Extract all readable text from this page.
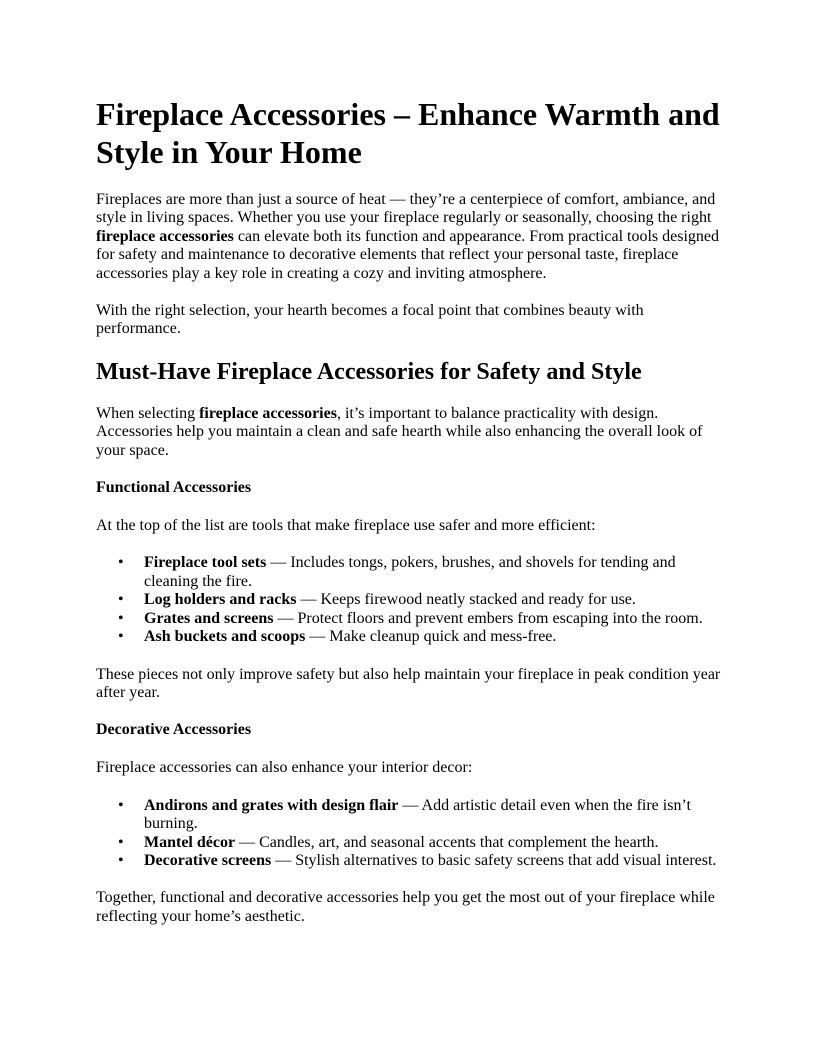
Fireplace Accessories – Enhance Warmth and Style in Your Home

Fireplaces are more than just a source of heat — they’re a centerpiece of comfort, ambiance, and style in living spaces. Whether you use your fireplace regularly or seasonally, choosing the right fireplace accessories can elevate both its function and appearance. From practical tools designed for safety and maintenance to decorative elements that reflect your personal taste, fireplace accessories play a key role in creating a cozy and inviting atmosphere.

With the right selection, your hearth becomes a focal point that combines beauty with performance.

Must-Have Fireplace Accessories for Safety and Style

When selecting fireplace accessories, it’s important to balance practicality with design. Accessories help you maintain a clean and safe hearth while also enhancing the overall look of your space.

Functional Accessories

At the top of the list are tools that make fireplace use safer and more efficient:

• Fireplace tool sets — Includes tongs, pokers, brushes, and shovels for tending and cleaning the fire.
• Log holders and racks — Keeps firewood neatly stacked and ready for use.
• Grates and screens — Protect floors and prevent embers from escaping into the room.
• Ash buckets and scoops — Make cleanup quick and mess-free.

These pieces not only improve safety but also help maintain your fireplace in peak condition year after year.

Decorative Accessories

Fireplace accessories can also enhance your interior decor:

• Andirons and grates with design flair — Add artistic detail even when the fire isn’t burning.
• Mantel décor — Candles, art, and seasonal accents that complement the hearth.
• Decorative screens — Stylish alternatives to basic safety screens that add visual interest.

Together, functional and decorative accessories help you get the most out of your fireplace while reflecting your home’s aesthetic.
